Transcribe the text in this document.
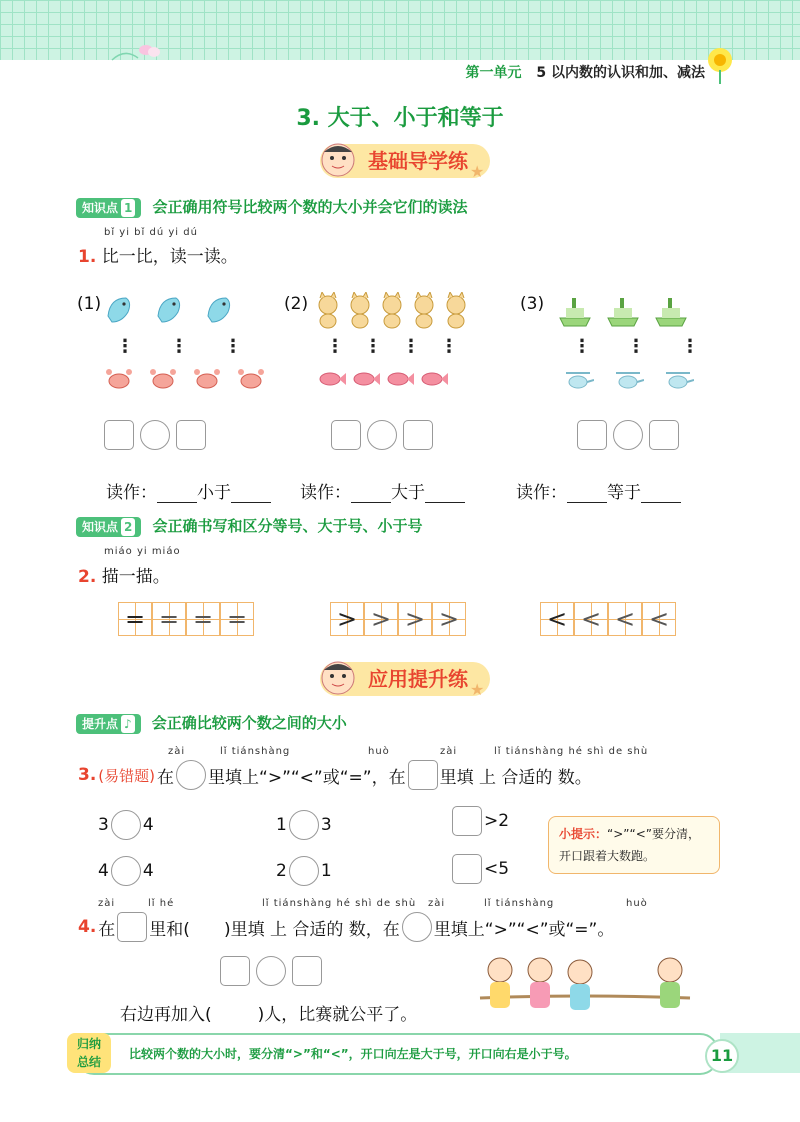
第一单元 5 以内数的认识和加、减法
3. 大于、小于和等于
基础导学练 ★
知识点 1 会正确用符号比较两个数的大小并会它们的读法
bǐ yi bǐ dú yi dú
1. 比一比，读一读。
(1)
⋮ ⋮ ⋮
(2)
⋮ ⋮ ⋮ ⋮
(3)
⋮ ⋮ ⋮
读作： 小于	读作： 大于	读作： 等于
知识点 2 会正确书写和区分等号、大于号、小于号
miáo yi miáo
2. 描一描。
= = = =	> > > >	< < < <
应用提升练 ★
提升点 ♪ 会正确比较两个数之间的大小
zài	lǐ tiánshàng	huò	zài	lǐ tiánshàng hé shì de shù
3. (易错题) 在 里填上“>”“<”或“=”，在 里填 上 合适的 数。
3 4	1 3	>2
4 4	2 1	<5
小提示：“>”“<”要分清，
开口跟着大数跑。
zài	lǐ hé	lǐ tiánshàng hé shì de shù zài	lǐ tiánshàng	huò
4. 在 里和( )里填 上 合适的 数，在 里填上“>”“<”或“=”。
右边再加入(	)人，比赛就公平了。
归纳
总结
比较两个数的大小时，要分清“>”和“<”，开口向左是大于号，开口向右是小于号。	11
